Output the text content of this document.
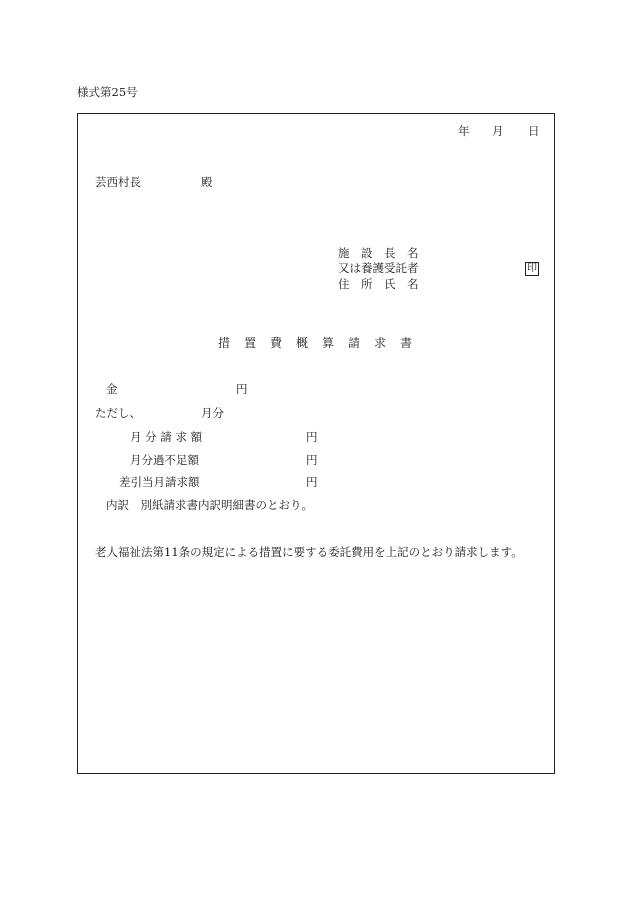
様式第25号
年 月 日
芸西村長	殿
施　設　長　名
又は養護受託者
住　所　氏　名
印
措 置 費 概 算 請 求 書
金	円
ただし、	月分
月 分 請 求 額	円
月分過不足額	円
差引当月請求額	円
内訳　別紙請求書内訳明細書のとおり。
老人福祉法第11条の規定による措置に要する委託費用を上記のとおり請求します。
